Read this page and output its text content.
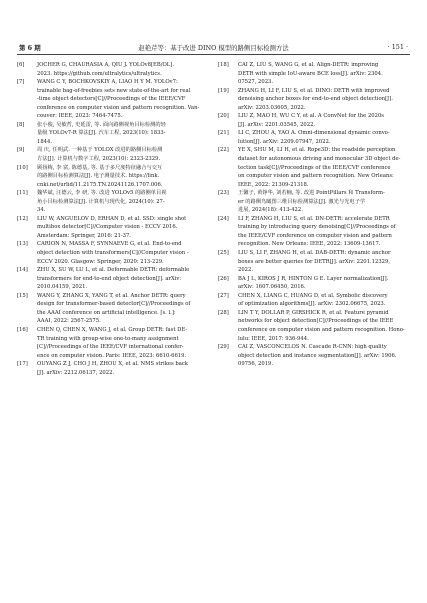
第 6 期	赵艳芹等：基于改进 DINO 模型的路侧目标检测方法	· 151 ·
[6]	JOCHER G, CHAURASIA A, QIU J. YOLOv8[EB/OL].
2023. https://github.com/ultralytics/ultralytics.
[7]	WANG C Y, BOCHKOVSKIY A, LIAO H Y M. YOLOv7:
trainable bag-of-freebies sets new state-of-the-art for real
-time object detectors[C]//Proceedings of the IEEE/CVF
conference on computer vision and pattern recognition. Van-
couver: IEEE, 2023: 7464-7475.
[8]	张小俊, 吴敏哲, 史延雷, 等. 面向路侧视角目标检测的轻
量级 YOLOv7-R 算法[J]. 汽车工程, 2023(10): 1833-
1844.
[9]	周 庆, 任明武. 一种基于 YOLOX 改进的路侧目标检测
方法[J]. 计算机与数字工程, 2023(10): 2323-2329.
[10]	顾扬梅, 李 富, 陈德基, 等. 基于多尺度特征融合与交互
的路侧目标检测算法[J]. 电子测量技术. https://link.
cnki.net/urlid/11.2175.TN.20241126.1707.006.
[11]	魏华斌, 汪德云, 李 研, 等. 改进 YOLOv5 的路侧单目视
角小目标检测算法[J]. 计算机与现代化, 2024(10): 27-
34.
[12]	LIU W, ANGUELOV D, ERHAN D, et al. SSD: single shot
multibox detector[C]//Computer vision - ECCV 2016.
Amsterdam: Springer, 2016: 21-37.
[13]	CARION N, MASSA F, SYNNAEVE G, et al. End-to-end
object detection with transformers[C]//Computer vision -
ECCV 2020. Glasgow: Springer, 2020: 213-229.
[14]	ZHU X, SU W, LU L, et al. Deformable DETR: deformable
transformers for end-to-end object detection[J]. arXiv:
2010.04159, 2021.
[15]	WANG Y, ZHANG X, YANG T, et al. Anchor DETR: query
design for transformer-based detector[C]//Proceedings of
the AAAI conference on artificial intelligence. [s. l.]:
AAAI, 2022: 2567-2575.
[16]	CHEN Q, CHEN X, WANG J, et al. Group DETR: fast DE-
TR training with group-wise one-to-many assignment
[C]//Proceedings of the IEEE/CVF international confer-
ence on computer vision. Paris: IEEE, 2023: 6610-6619.
[17]	OUYANG Z J, CHO J H, ZHOU X, et al. NMS strikes back
[J]. arXiv: 2212.06137, 2022.
[18]	CAI Z, LIU S, WANG G, et al. Align-DETR: improving
DETR with simple IoU-aware BCE loss[J]. arXiv: 2304.
07527, 2023.
[19]	ZHANG H, LI F, LIU S, et al. DINO: DETR with improved
denoising anchor boxes for end-to-end object detection[J].
arXiv: 2203.03605, 2022.
[20]	LIU Z, MAO H, WU C Y, et al. A ConvNet for the 2020s
[J]. arXiv: 2201.03545, 2022.
[21]	LI C, ZHOU A, YAO A. Omni-dimensional dynamic convo-
lution[J]. arXiv: 2209.07947, 2022.
[22]	YE X, SHU M, LI H, et al. Rope3D: the roadside perception
dataset for autonomous driving and monocular 3D object de-
tection task[C]//Proceedings of the IEEE/CVF conference
on computer vision and pattern recognition. New Orleans:
IEEE, 2022: 21309-21318.
[23]	王馨子, 黄铮华, 刘若楠, 等. 改进 PointPillars 和 Transform-
er 的路侧鸟瞰图三维目标检测算法[J]. 激光与光电子学
进展, 2024(18): 413-422.
[24]	LI F, ZHANG H, LIU S, et al. DN-DETR: accelerate DETR
training by introducing query denoising[C]//Proceedings of
the IEEE/CVF conference on computer vision and pattern
recognition. New Orleans: IEEE, 2022: 13609-13617.
[25]	LIU S, LI F, ZHANG H, et al. DAB-DETR: dynamic anchor
boxes are better queries for DETR[J]. arXiv: 2201.12329,
2022.
[26]	BA J L, KIROS J R, HINTON G E. Layer normalization[J].
arXiv: 1607.06450, 2016.
[27]	CHEN X, LIANG C, HUANG D, et al. Symbolic discovery
of optimization algorithms[J]. arXiv: 2302.06675, 2023.
[28]	LIN T Y, DOLLAR P, GIRSHICK R, et al. Feature pyramid
networks for object detection[C]//Proceedings of the IEEE
conference on computer vision and pattern recognition. Hono-
lulu: IEEE, 2017: 936-944.
[29]	CAI Z, VASCONCELOS N. Cascade R-CNN: high quality
object detection and instance segmentation[J]. arXiv: 1906.
09756, 2019.
